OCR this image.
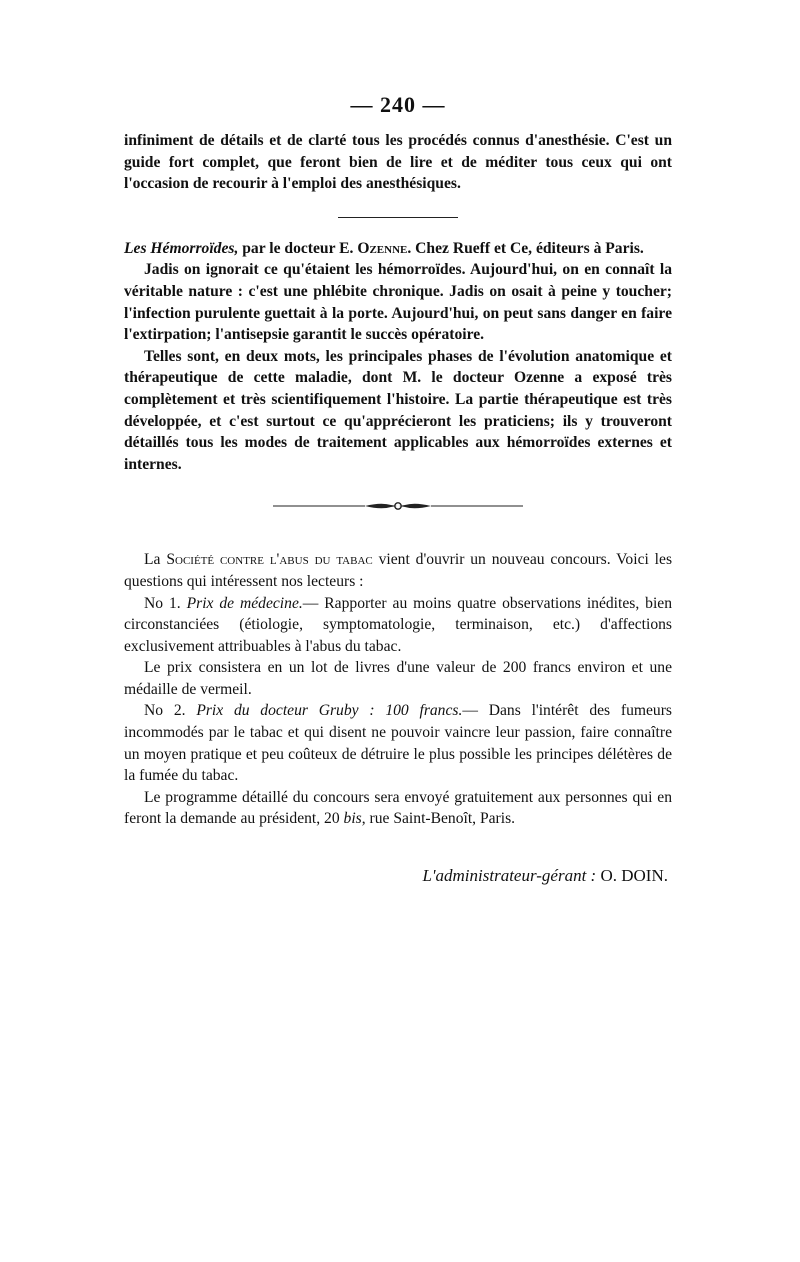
— 240 —

infiniment de détails et de clarté tous les procédés connus d'anesthésie. C'est un guide fort complet, que feront bien de lire et de méditer tous ceux qui ont l'occasion de recourir à l'emploi des anesthésiques.

Les Hémorroïdes, par le docteur E. Ozenne. Chez Rueff et Ce, éditeurs à Paris.

Jadis on ignorait ce qu'étaient les hémorroïdes. Aujourd'hui, on en connaît la véritable nature : c'est une phlébite chronique. Jadis on osait à peine y toucher; l'infection purulente guettait à la porte. Aujourd'hui, on peut sans danger en faire l'extirpation; l'antisepsie garantit le succès opératoire.

Telles sont, en deux mots, les principales phases de l'évolution anatomique et thérapeutique de cette maladie, dont M. le docteur Ozenne a exposé très complètement et très scientifiquement l'histoire. La partie thérapeutique est très développée, et c'est surtout ce qu'apprécieront les praticiens; ils y trouveront détaillés tous les modes de traitement applicables aux hémorroïdes externes et internes.

La Société contre l'abus du tabac vient d'ouvrir un nouveau concours. Voici les questions qui intéressent nos lecteurs :

No 1. Prix de médecine.— Rapporter au moins quatre observations inédites, bien circonstanciées (étiologie, symptomatologie, terminaison, etc.) d'affections exclusivement attribuables à l'abus du tabac.

Le prix consistera en un lot de livres d'une valeur de 200 francs environ et une médaille de vermeil.

No 2. Prix du docteur Gruby : 100 francs.— Dans l'intérêt des fumeurs incommodés par le tabac et qui disent ne pouvoir vaincre leur passion, faire connaître un moyen pratique et peu coûteux de détruire le plus possible les principes délétères de la fumée du tabac.

Le programme détaillé du concours sera envoyé gratuitement aux personnes qui en feront la demande au président, 20 bis, rue Saint-Benoît, Paris.

L'administrateur-gérant : O. DOIN.
